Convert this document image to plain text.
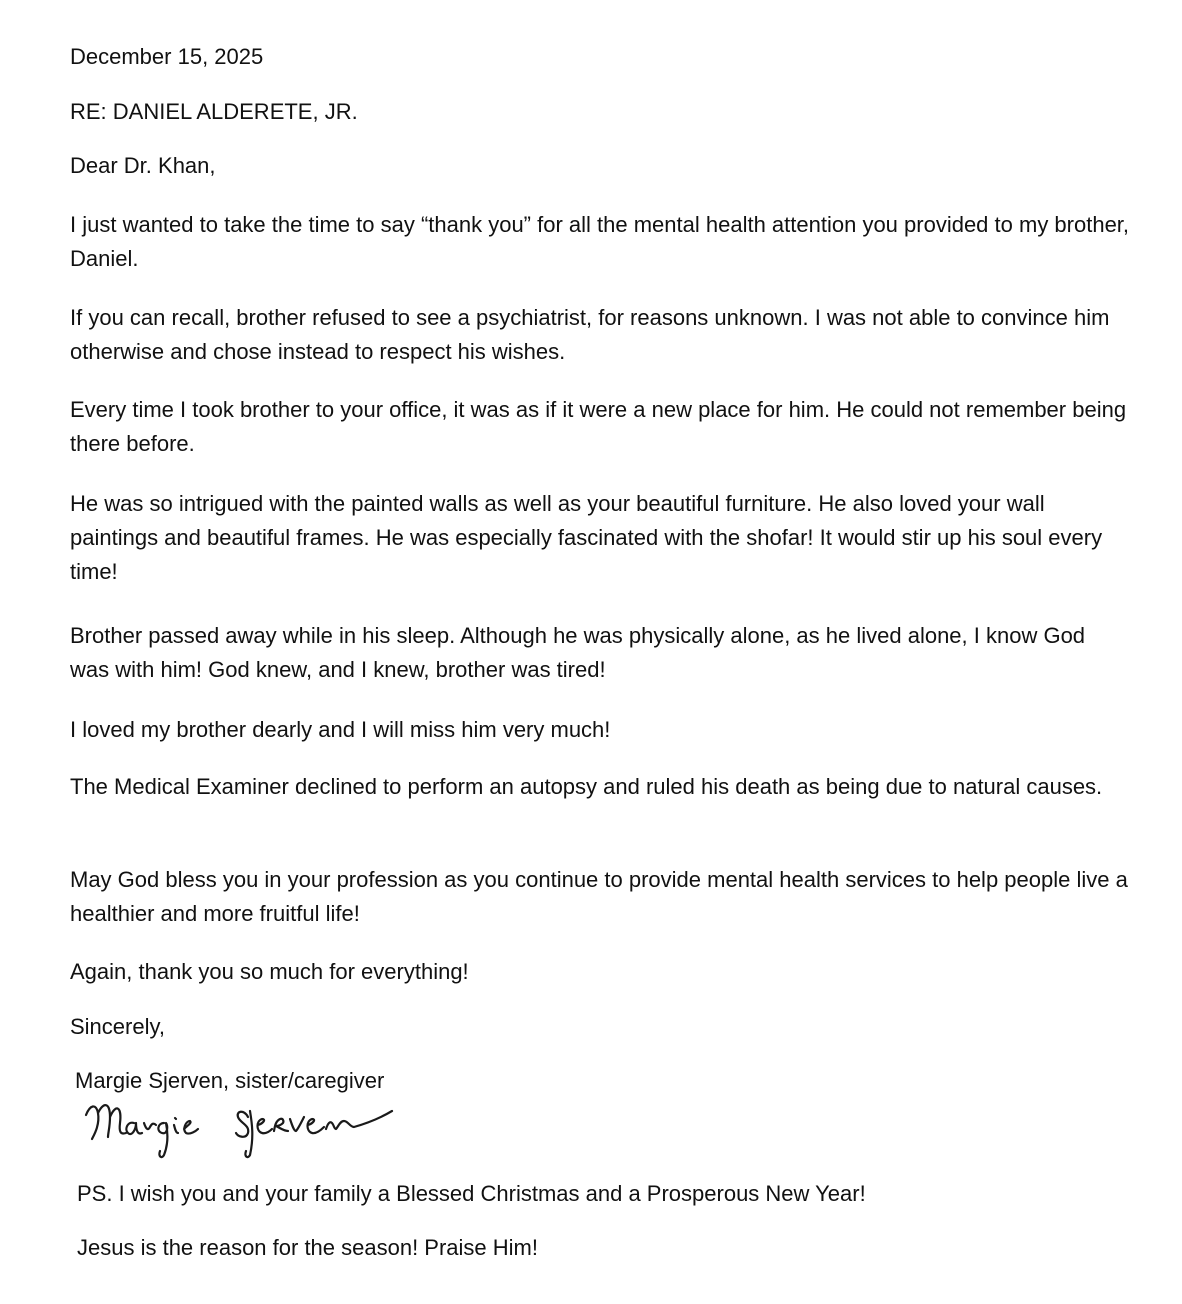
December 15, 2025

RE: DANIEL ALDERETE, JR.

Dear Dr. Khan,

I just wanted to take the time to say “thank you” for all the mental health attention you provided to my brother, Daniel.

If you can recall, brother refused to see a psychiatrist, for reasons unknown. I was not able to convince him otherwise and chose instead to respect his wishes.

Every time I took brother to your office, it was as if it were a new place for him. He could not remember being there before.

He was so intrigued with the painted walls as well as your beautiful furniture. He also loved your wall paintings and beautiful frames. He was especially fascinated with the shofar! It would stir up his soul every time!

Brother passed away while in his sleep. Although he was physically alone, as he lived alone, I know God was with him! God knew, and I knew, brother was tired!

I loved my brother dearly and I will miss him very much!

The Medical Examiner declined to perform an autopsy and ruled his death as being due to natural causes.

May God bless you in your profession as you continue to provide mental health services to help people live a healthier and more fruitful life!

Again, thank you so much for everything!

Sincerely,

Margie Sjerven, sister/caregiver

PS. I wish you and your family a Blessed Christmas and a Prosperous New Year!

Jesus is the reason for the season! Praise Him!
